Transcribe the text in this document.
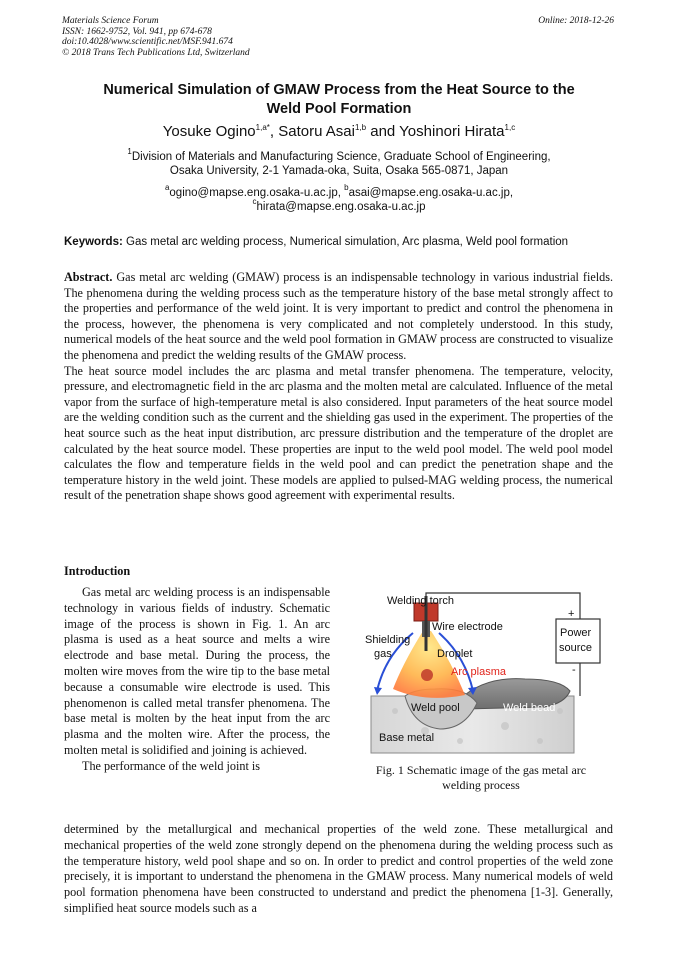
Materials Science Forum
ISSN: 1662-9752, Vol. 941, pp 674-678
doi:10.4028/www.scientific.net/MSF.941.674
© 2018 Trans Tech Publications Ltd, Switzerland
Online: 2018-12-26
Numerical Simulation of GMAW Process from the Heat Source to the
Weld Pool Formation
Yosuke Ogino$^{1,a*}$, Satoru Asai$^{1,b}$ and Yoshinori Hirata$^{1,c}$
$^1$Division of Materials and Manufacturing Science, Graduate School of Engineering,
Osaka University, 2-1 Yamada-oka, Suita, Osaka 565-0871, Japan
$^a$ogino@mapse.eng.osaka-u.ac.jp, $^b$asai@mapse.eng.osaka-u.ac.jp,
$^c$hirata@mapse.eng.osaka-u.ac.jp
Keywords: Gas metal arc welding process, Numerical simulation, Arc plasma, Weld pool formation

Abstract. Gas metal arc welding (GMAW) process is an indispensable technology in various industrial fields. The phenomena during the welding process such as the temperature history of the base metal strongly affect to the properties and performance of the weld joint. It is very important to predict and control the phenomena in the process, however, the phenomena is very complicated and not completely understood. In this study, numerical models of the heat source and the weld pool formation in GMAW process are constructed to visualize the phenomena and predict the welding results of the GMAW process.

The heat source model includes the arc plasma and metal transfer phenomena. The temperature, velocity, pressure, and electromagnetic field in the arc plasma and the molten metal are calculated. Influence of the metal vapor from the surface of high-temperature metal is also considered. Input parameters of the heat source model are the welding condition such as the current and the shielding gas used in the experiment. The properties of the heat source such as the heat input distribution, arc pressure distribution and the temperature of the droplet are calculated by the heat source model. These properties are input to the weld pool model. The weld pool model calculates the flow and temperature fields in the weld pool and can predict the penetration shape and the temperature history in the weld joint. These models are applied to pulsed-MAG welding process, the numerical result of the penetration shape shows good agreement with experimental results.

Introduction

Gas metal arc welding process is an indispensable technology in various fields of industry. Schematic image of the process is shown in Fig. 1. An arc plasma is used as a heat source and melts a wire electrode and base metal. During the process, the molten wire moves from the wire tip to the base metal because a consumable wire electrode is used. This phenomenon is called metal transfer phenomena. The base metal is molten by the heat input from the arc plasma and the molten wire. After the process, the molten metal is solidified and joining is achieved.

The performance of the weld joint is

determined by the metallurgical and mechanical properties of the weld zone. These metallurgical and mechanical properties of the weld zone strongly depend on the phenomena during the welding process such as the temperature history, weld pool shape and so on. In order to predict and control properties of the weld zone precisely, it is important to understand the phenomena in the GMAW process. Many numerical models of weld pool formation phenomena have been constructed to understand and predict the phenomena [1-3]. Generally, simplified heat source models such as a
Welding torch
Wire electrode
Shielding
gas	Droplet
Arc plasma
Weld pool	Weld bead
Base metal
Power
source
+
-
Fig. 1 Schematic image of the gas metal arc
welding process
